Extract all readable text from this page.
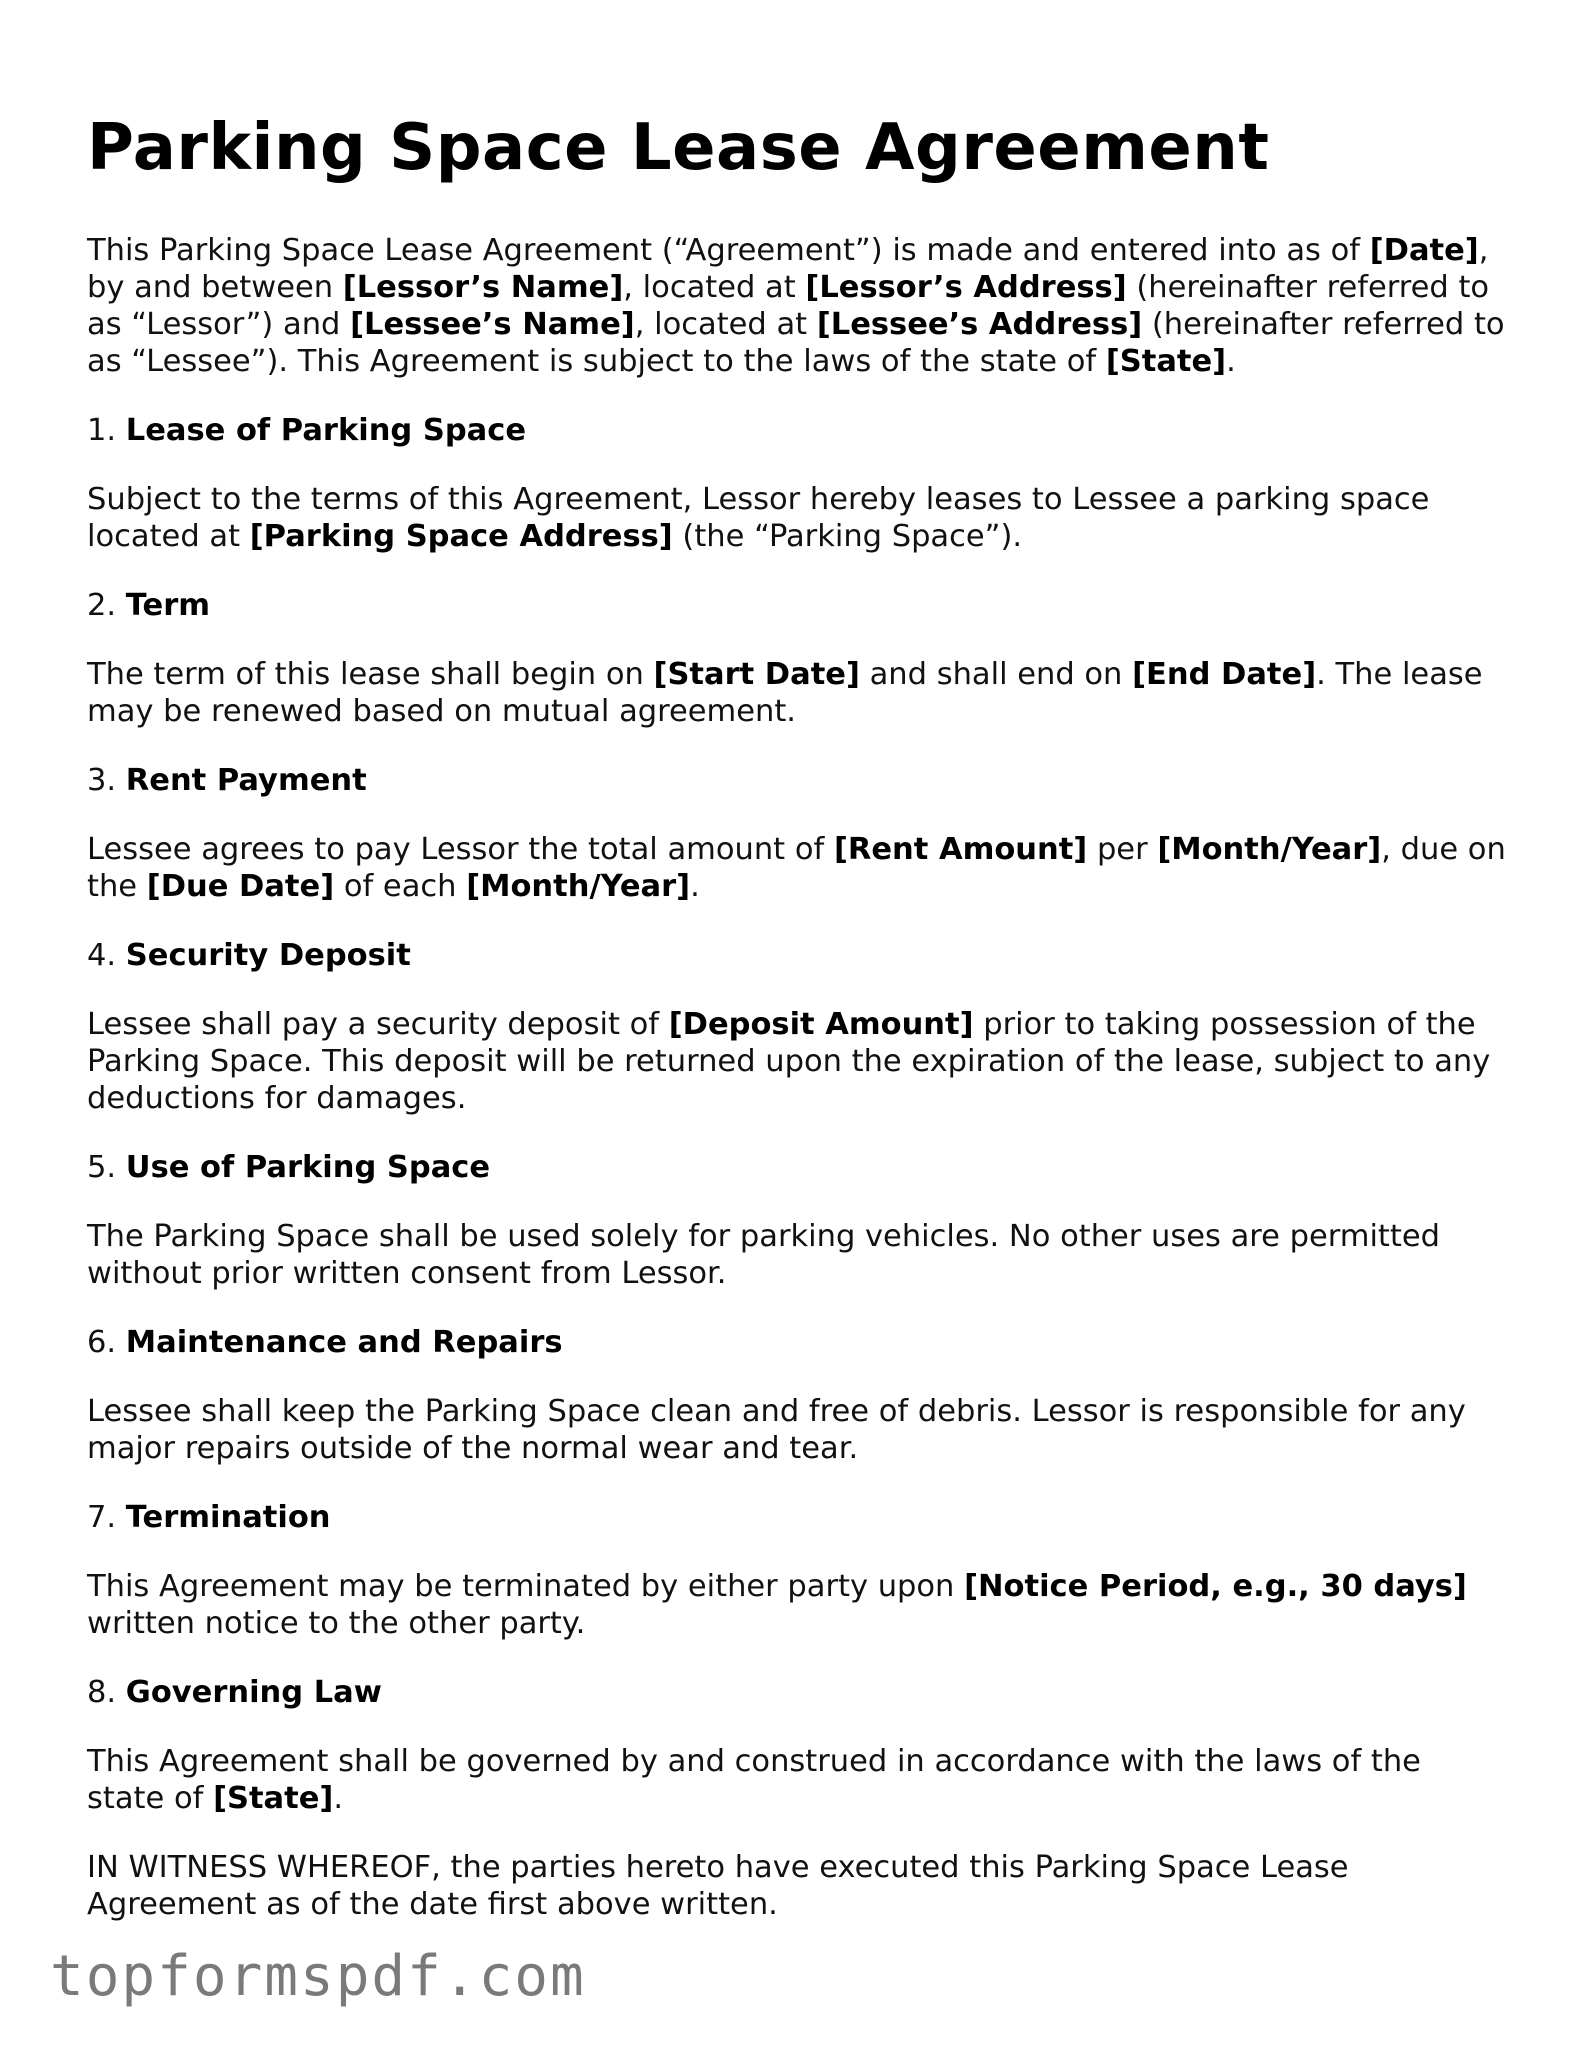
Parking Space Lease Agreement

This Parking Space Lease Agreement (“Agreement”) is made and entered into as of [Date], by and between [Lessor’s Name], located at [Lessor’s Address] (hereinafter referred to as “Lessor”) and [Lessee’s Name], located at [Lessee’s Address] (hereinafter referred to as “Lessee”). This Agreement is subject to the laws of the state of [State].

1. Lease of Parking Space

Subject to the terms of this Agreement, Lessor hereby leases to Lessee a parking space located at [Parking Space Address] (the “Parking Space”).

2. Term

The term of this lease shall begin on [Start Date] and shall end on [End Date]. The lease may be renewed based on mutual agreement.

3. Rent Payment

Lessee agrees to pay Lessor the total amount of [Rent Amount] per [Month/Year], due on the [Due Date] of each [Month/Year].

4. Security Deposit

Lessee shall pay a security deposit of [Deposit Amount] prior to taking possession of the Parking Space. This deposit will be returned upon the expiration of the lease, subject to any deductions for damages.

5. Use of Parking Space

The Parking Space shall be used solely for parking vehicles. No other uses are permitted without prior written consent from Lessor.

6. Maintenance and Repairs

Lessee shall keep the Parking Space clean and free of debris. Lessor is responsible for any major repairs outside of the normal wear and tear.

7. Termination

This Agreement may be terminated by either party upon [Notice Period, e.g., 30 days] written notice to the other party.

8. Governing Law

This Agreement shall be governed by and construed in accordance with the laws of the state of [State].

IN WITNESS WHEREOF, the parties hereto have executed this Parking Space Lease Agreement as of the date first above written.

topformspdf.com
